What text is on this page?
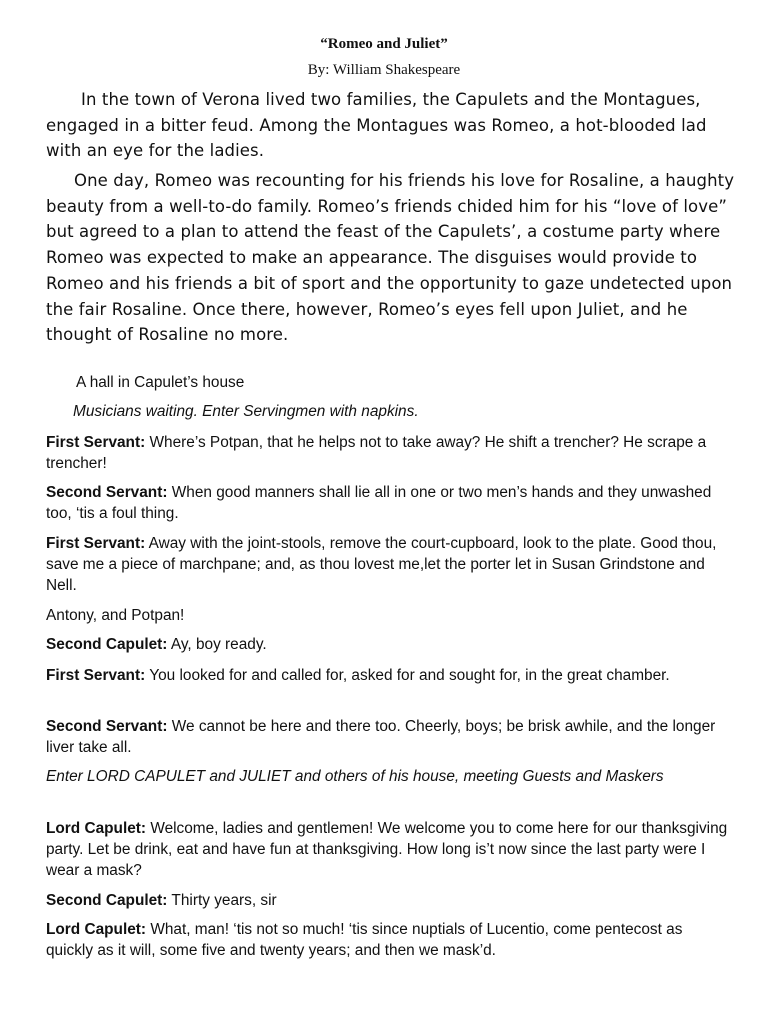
“Romeo and Juliet”
By: William Shakespeare

In the town of Verona lived two families, the Capulets and the Montagues, engaged in a bitter feud. Among the Montagues was Romeo, a hot-blooded lad with an eye for the ladies.

One day, Romeo was recounting for his friends his love for Rosaline, a haughty beauty from a well-to-do family. Romeo’s friends chided him for his “love of love” but agreed to a plan to attend the feast of the Capulets’, a costume party where Romeo was expected to make an appearance. The disguises would provide to Romeo and his friends a bit of sport and the opportunity to gaze undetected upon the fair Rosaline. Once there, however, Romeo’s eyes fell upon Juliet, and he thought of Rosaline no more.

A hall in Capulet’s house

Musicians waiting. Enter Servingmen with napkins.

First Servant: Where’s Potpan, that he helps not to take away? He shift a trencher? He scrape a trencher!

Second Servant: When good manners shall lie all in one or two men’s hands and they unwashed too, ‘tis a foul thing.

First Servant: Away with the joint-stools, remove the court-cupboard, look to the plate. Good thou, save me a piece of marchpane; and, as thou lovest me,let the porter let in Susan Grindstone and Nell.

Antony, and Potpan!

Second Capulet: Ay, boy ready.

First Servant: You looked for and called for, asked for and sought for, in the great chamber.

Second Servant: We cannot be here and there too. Cheerly, boys; be brisk awhile, and the longer liver take all.

Enter LORD CAPULET and JULIET and others of his house, meeting Guests and Maskers

Lord Capulet: Welcome, ladies and gentlemen! We welcome you to come here for our thanksgiving party. Let be drink, eat and have fun at thanksgiving. How long is’t now since the last party were I wear a mask?

Second Capulet: Thirty years, sir

Lord Capulet: What, man! ‘tis not so much! ‘tis since nuptials of Lucentio, come pentecost as quickly as it will, some five and twenty years; and then we mask’d.
